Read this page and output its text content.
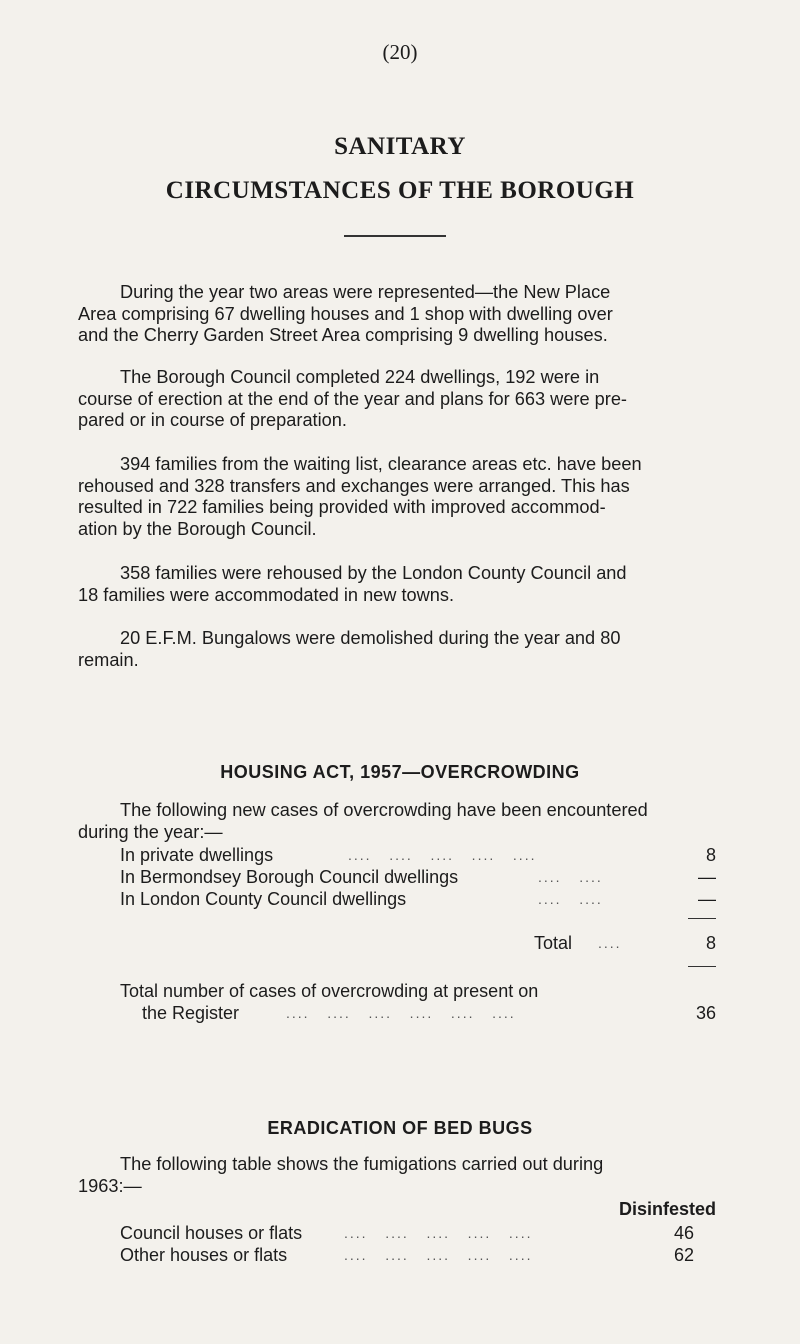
(20)
SANITARY
CIRCUMSTANCES OF THE BOROUGH
During the year two areas were represented—the New Place
Area comprising 67 dwelling houses and 1 shop with dwelling over
and the Cherry Garden Street Area comprising 9 dwelling houses.
The Borough Council completed 224 dwellings, 192 were in
course of erection at the end of the year and plans for 663 were pre-
pared or in course of preparation.
394 families from the waiting list, clearance areas etc. have been
rehoused and 328 transfers and exchanges were arranged. This has
resulted in 722 families being provided with improved accommod-
ation by the Borough Council.
358 families were rehoused by the London County Council and
18 families were accommodated in new towns.
20 E.F.M. Bungalows were demolished during the year and 80
remain.
HOUSING ACT, 1957—OVERCROWDING
The following new cases of overcrowding have been encountered
during the year:—
In private dwellings	....   ....   ....   ....   ....	8
In Bermondsey Borough Council dwellings	....   ....	—
In London County Council dwellings	....   ....	—
Total ....	8
Total number of cases of overcrowding at present on
the Register	....   ....   ....   ....   ....   ....	36
ERADICATION OF BED BUGS
The following table shows the fumigations carried out during
1963:—
Disinfested
Council houses or flats	....   ....   ....   ....   ....	46
Other houses or flats	....   ....   ....   ....   ....	62
